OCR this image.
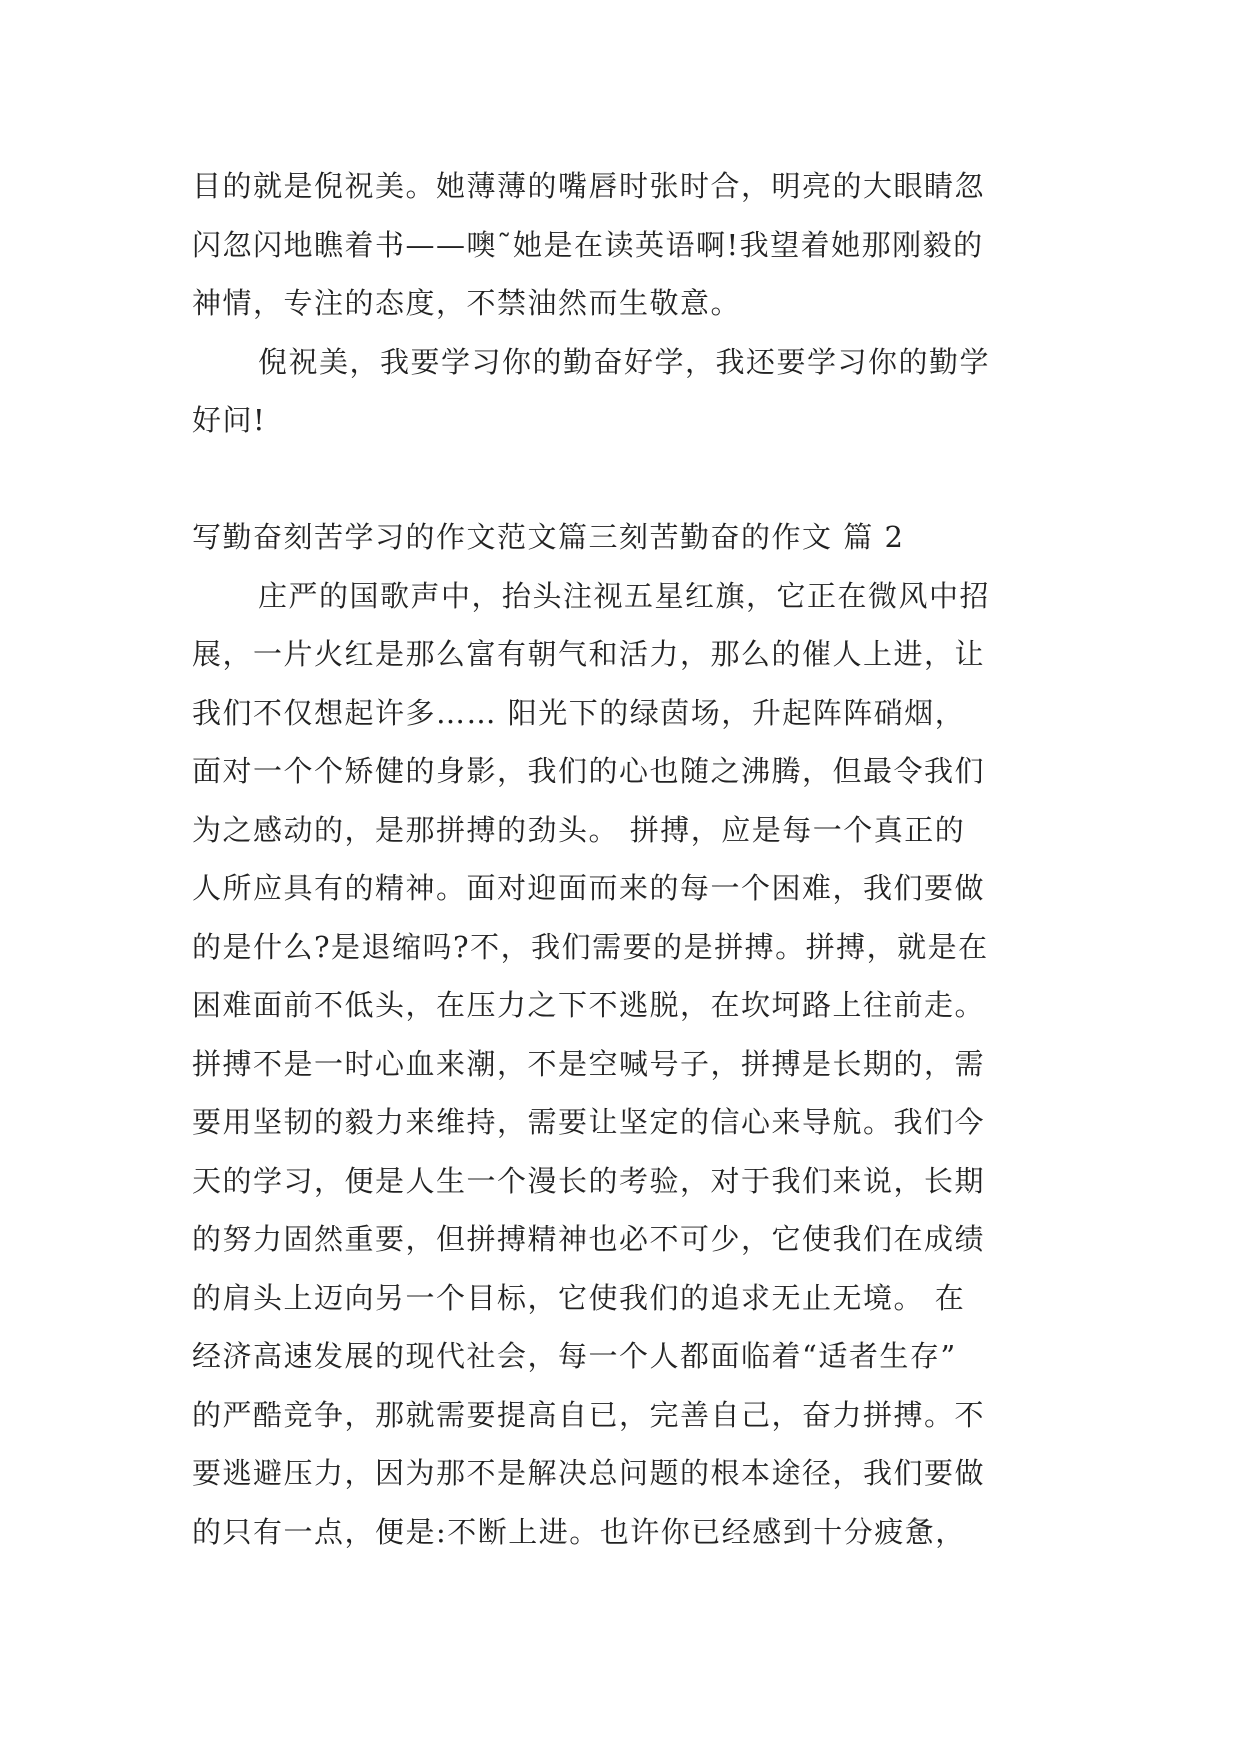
目的就是倪祝美。她薄薄的嘴唇时张时合，明亮的大眼睛忽
闪忽闪地瞧着书——噢˜她是在读英语啊!我望着她那刚毅的
神情，专注的态度，不禁油然而生敬意。
倪祝美，我要学习你的勤奋好学，我还要学习你的勤学
好问!
写勤奋刻苦学习的作文范文篇三刻苦勤奋的作文 篇 2
庄严的国歌声中，抬头注视五星红旗，它正在微风中招
展，一片火红是那么富有朝气和活力，那么的催人上进，让
我们不仅想起许多…… 阳光下的绿茵场，升起阵阵硝烟，
面对一个个矫健的身影，我们的心也随之沸腾，但最令我们
为之感动的，是那拼搏的劲头。 拼搏，应是每一个真正的
人所应具有的精神。面对迎面而来的每一个困难，我们要做
的是什么?是退缩吗?不，我们需要的是拼搏。拼搏，就是在
困难面前不低头，在压力之下不逃脱，在坎坷路上往前走。
拼搏不是一时心血来潮，不是空喊号子，拼搏是长期的，需
要用坚韧的毅力来维持，需要让坚定的信心来导航。我们今
天的学习，便是人生一个漫长的考验，对于我们来说，长期
的努力固然重要，但拼搏精神也必不可少，它使我们在成绩
的肩头上迈向另一个目标，它使我们的追求无止无境。 在
经济高速发展的现代社会，每一个人都面临着“适者生存”
的严酷竞争，那就需要提高自已，完善自己，奋力拼搏。不
要逃避压力，因为那不是解决总问题的根本途径，我们要做
的只有一点，便是:不断上进。也许你已经感到十分疲惫，
